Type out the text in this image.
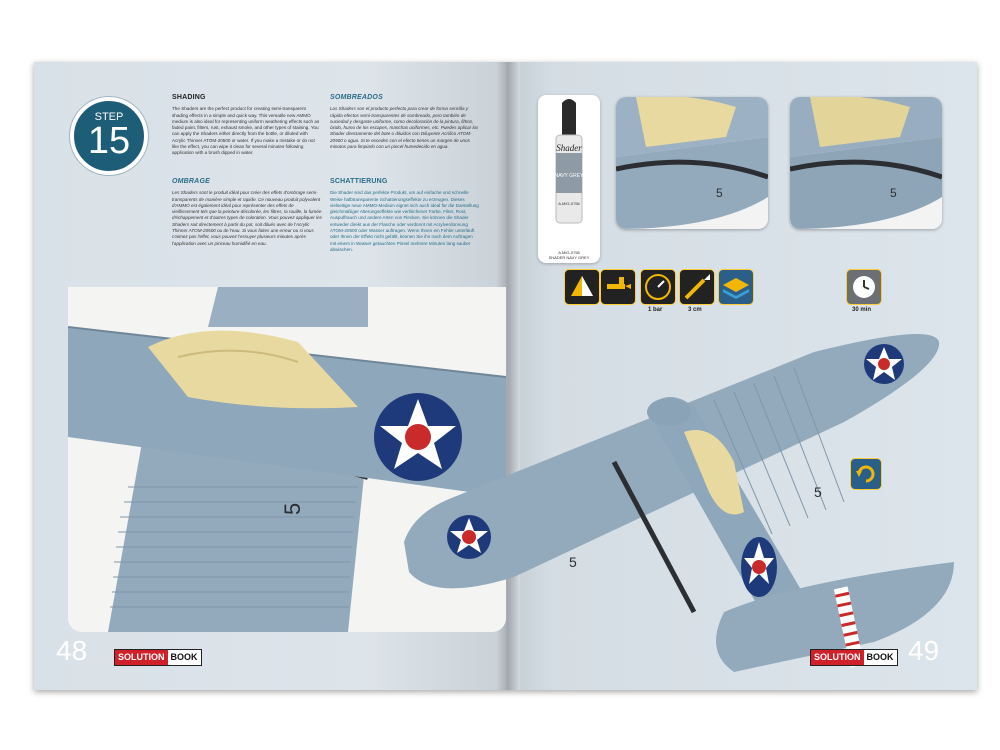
STEP
15
SHADING

The Shaders are the perfect product for creating semi-transparent shading effects in a simple and quick way. This versatile new AMMO medium is also ideal for representing uniform weathering effects such as faded paint, filters, rust, exhaust smoke, and other types of staining. You can apply the Shaders either directly from the bottle, or diluted with Acrylic Thinner ATOM-20500 or water. If you make a mistake or do not like the effect, you can wipe it clean for several minutes following application with a brush dipped in water.

SOMBREADOS

Los Shaders son el producto perfecto para crear de forma sencilla y rápida efectos semi-transparentes de sombreado, pero también de suciedad y desgaste uniforme, como decoloración de la pintura, filtros, óxido, humo de los escapes, manchas uniformes, etc. Puedes aplicar los Shader directamente del bote o diluidos con Diluyente Acrílico ATOM-20500 o agua. Si te excedes con el efecto tienes un margen de unos minutos para limpiarlo con un pincel humedecido en agua.

OMBRAGE

Les Shaders sont le produit idéal pour créer des effets d'ombrage semi-transparents de manière simple et rapide. Ce nouveau produit polyvalent d'AMMO est également idéal pour représenter des effets de vieillissement tels que la peinture décolorée, les filtres, la rouille, la fumée d'échappement et d'autres types de coloration. Vous pouvez appliquer les Shaders soit directement à partir du pot, soit dilués avec de l'Acrylic Thinner ATOM-20500 ou de l'eau. Si vous faites une erreur ou si vous n'aimez pas l'effet, vous pouvez l'essuyer plusieurs minutes après l'application avec un pinceau humidifié en eau.

SCHATTIERUNG

Die Shader sind das perfekte Produkt, um auf einfache und schnelle Weise halbtransparente Schattierungseffekte zu erzeugen. Dieses vielseitige neue AMMO-Medium eignet sich auch ideal für die Darstellung gleichmäßiger Alterungseffekte wie verblichener Farbe, Filter, Rost, Auspuffrauch und andere Arten von Flecken. Sie können die Shader entweder direkt aus der Flasche oder verdünnt mit Acrylverdünnung ATOM-20500 oder Wasser auftragen. Wenn Ihnen ein Fehler unterläuft oder Ihnen der Effekt nicht gefällt, können Sie ihn nach dem Auftragen mit einem in Wasser getauchten Pinsel mehrere Minuten lang sauber abwischen.

5
48	SOLUTION BOOK
Shader
NAVY GREY
A.MIG-0756
A.MIG-0756
SHADER NAVY GREY
5	5
1 bar	3 cm	30 min
5
5
SOLUTION BOOK 49
